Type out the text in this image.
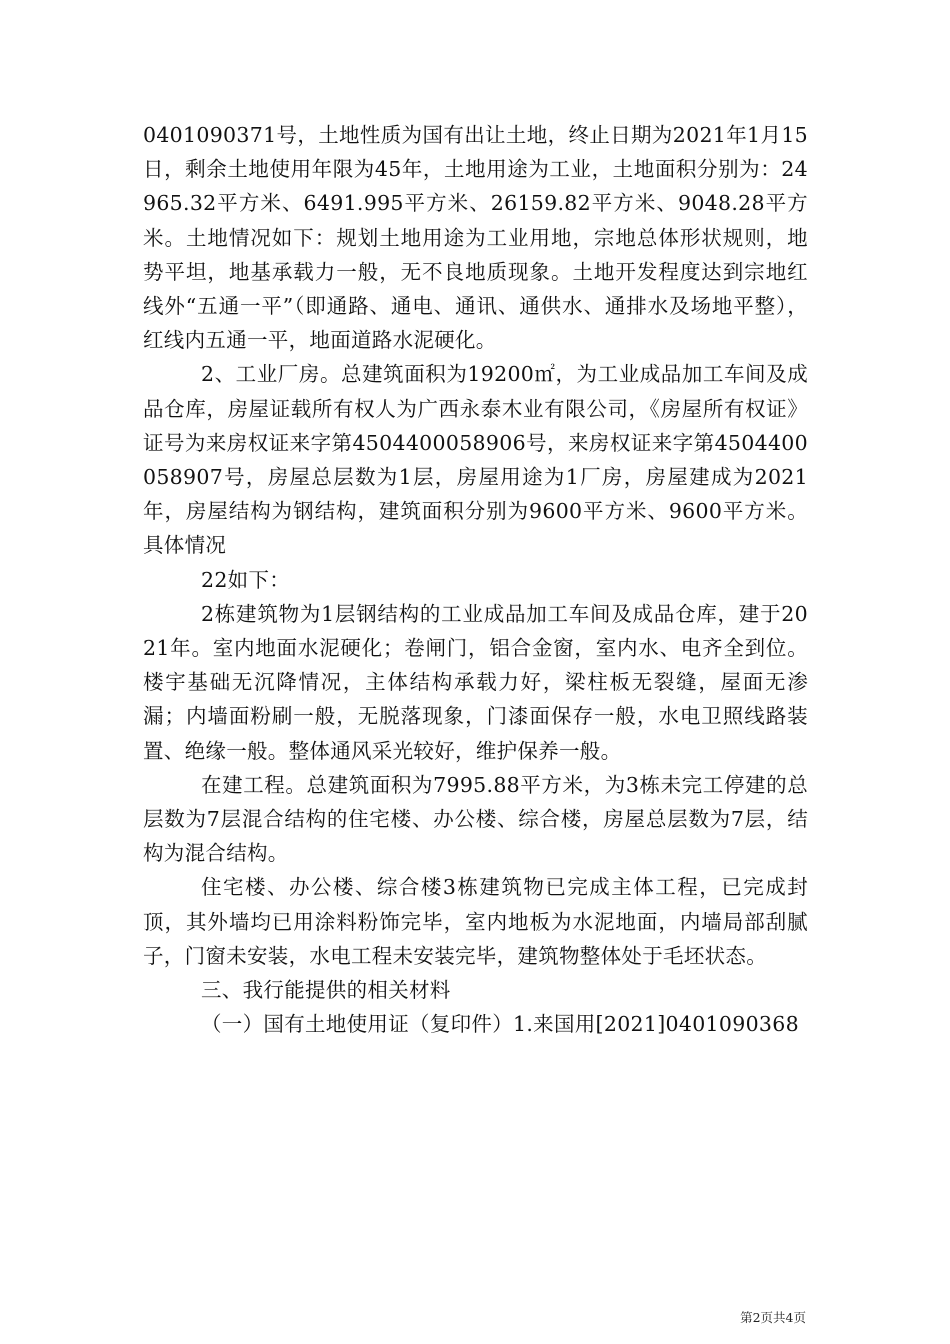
0401090371号，土地性质为国有出让土地，终止日期为2021年1月15日，剩余土地使用年限为45年，土地用途为工业，土地面积分别为：24965.32平方米、6491.995平方米、26159.82平方米、9048.28平方米。土地情况如下：规划土地用途为工业用地，宗地总体形状规则，地势平坦，地基承载力一般，无不良地质现象。土地开发程度达到宗地红线外“五通一平”（即通路、通电、通讯、通供水、通排水及场地平整），红线内五通一平，地面道路水泥硬化。

2、工业厂房。总建筑面积为19200㎡，为工业成品加工车间及成品仓库，房屋证载所有权人为广西永泰木业有限公司，《房屋所有权证》证号为来房权证来字第4504400058906号，来房权证来字第4504400058907号，房屋总层数为1层，房屋用途为1厂房，房屋建成为2021年，房屋结构为钢结构，建筑面积分别为9600平方米、9600平方米。具体情况

22如下：

2栋建筑物为1层钢结构的工业成品加工车间及成品仓库，建于2021年。室内地面水泥硬化；卷闸门，铝合金窗，室内水、电齐全到位。楼宇基础无沉降情况，主体结构承载力好，梁柱板无裂缝，屋面无渗漏；内墙面粉刷一般，无脱落现象，门漆面保存一般，水电卫照线路装置、绝缘一般。整体通风采光较好，维护保养一般。

在建工程。总建筑面积为7995.88平方米，为3栋未完工停建的总层数为7层混合结构的住宅楼、办公楼、综合楼，房屋总层数为7层，结构为混合结构。

住宅楼、办公楼、综合楼3栋建筑物已完成主体工程，已完成封顶，其外墙均已用涂料粉饰完毕，室内地板为水泥地面，内墙局部刮腻子，门窗未安装，水电工程未安装完毕，建筑物整体处于毛坯状态。

三、我行能提供的相关材料

（一）国有土地使用证（复印件）1.来国用[2021]0401090368

第2页共4页
